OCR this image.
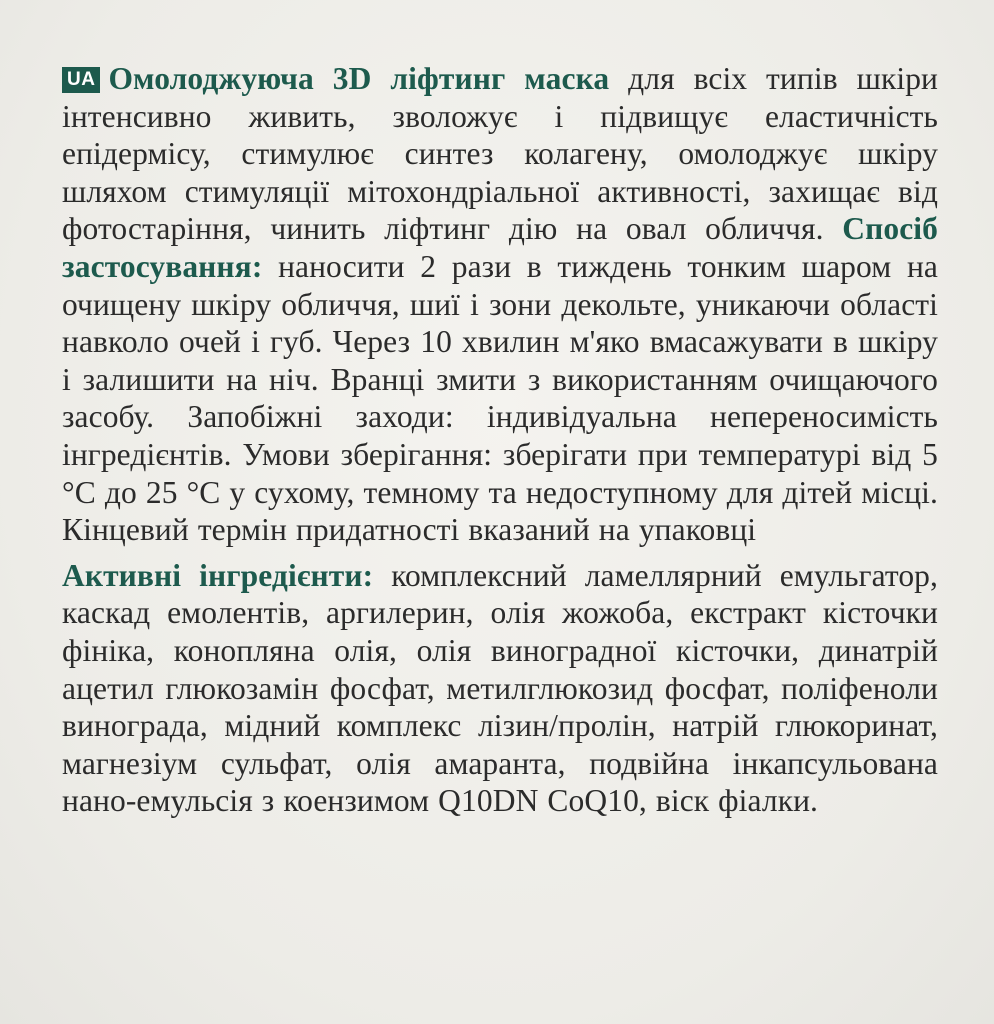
UA Омолоджуюча 3D ліфтинг маска для всіх типів шкіри інтенсивно живить, зволожує і підвищує еластичність епідермісу, стимулює синтез колагену, омолоджує шкіру шляхом стимуляції мітохондріальної активності, захищає від фотостаріння, чинить ліфтинг дію на овал обличчя. Спосіб застосування: наносити 2 рази в тиждень тонким шаром на очищену шкіру обличчя, шиї і зони декольте, уникаючи області навколо очей і губ. Через 10 хвилин м'яко вмасажувати в шкіру і залишити на ніч. Вранці змити з використанням очищаючого засобу. Запобіжні заходи: індивідуальна непереносимість інгредієнтів. Умови зберігання: зберігати при температурі від 5 °C до 25 °C у сухому, темному та недоступному для дітей місці. Кінцевий термін придатності вказаний на упаковці

Активні інгредієнти: комплексний ламеллярний емульгатор, каскад емолентів, аргилерин, олія жожоба, екстракт кісточки фініка, конопляна олія, олія виноградної кісточки, динатрій ацетил глюкозамін фосфат, метилглюкозид фосфат, поліфеноли винограда, мідний комплекс лізин/пролін, натрій глюкоринат, магнезіум сульфат, олія амаранта, подвійна інкапсульована нано-емульсія з коензимом Q10DN CoQ10, віск фіалки.
